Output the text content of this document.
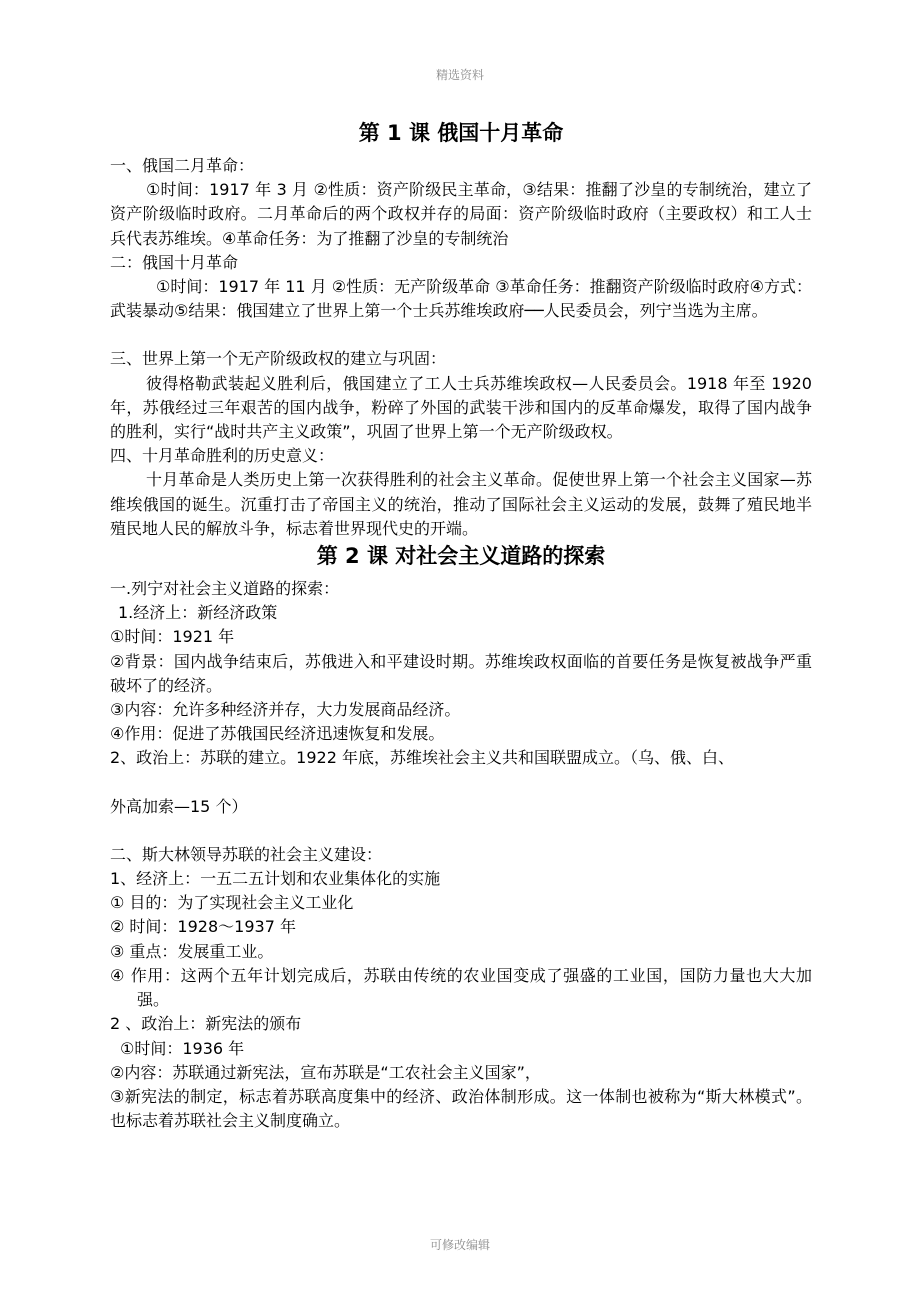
精选资料
第 1 课 俄国十月革命

一、俄国二月革命：

①时间：1917 年 3 月 ②性质：资产阶级民主革命，③结果：推翻了沙皇的专制统治，建立了资产阶级临时政府。二月革命后的两个政权并存的局面：资产阶级临时政府（主要政权）和工人士兵代表苏维埃。④革命任务：为了推翻了沙皇的专制统治

二：俄国十月革命

①时间：1917 年 11 月 ②性质：无产阶级革命 ③革命任务：推翻资产阶级临时政府④方式：武装暴动⑤结果：俄国建立了世界上第一个士兵苏维埃政府──人民委员会，列宁当选为主席。

三、世界上第一个无产阶级政权的建立与巩固：

彼得格勒武装起义胜利后，俄国建立了工人士兵苏维埃政权—人民委员会。1918 年至 1920 年，苏俄经过三年艰苦的国内战争，粉碎了外国的武装干涉和国内的反革命爆发，取得了国内战争的胜利，实行“战时共产主义政策”，巩固了世界上第一个无产阶级政权。

四、十月革命胜利的历史意义：

十月革命是人类历史上第一次获得胜利的社会主义革命。促使世界上第一个社会主义国家—苏维埃俄国的诞生。沉重打击了帝国主义的统治，推动了国际社会主义运动的发展，鼓舞了殖民地半殖民地人民的解放斗争，标志着世界现代史的开端。

第 2 课 对社会主义道路的探索

一.列宁对社会主义道路的探索：

1.经济上：新经济政策

①时间：1921 年

②背景：国内战争结束后，苏俄进入和平建设时期。苏维埃政权面临的首要任务是恢复被战争严重破坏了的经济。

③内容：允许多种经济并存，大力发展商品经济。

④作用：促进了苏俄国民经济迅速恢复和发展。

2、政治上：苏联的建立。1922 年底，苏维埃社会主义共和国联盟成立。（乌、俄、白、

外高加索—15 个）

二、斯大林领导苏联的社会主义建设：

1、经济上：一五二五计划和农业集体化的实施

① 目的：为了实现社会主义工业化

② 时间：1928～1937 年

③ 重点：发展重工业。

④ 作用：这两个五年计划完成后，苏联由传统的农业国变成了强盛的工业国，国防力量也大大加强。

2 、政治上：新宪法的颁布

①时间：1936 年

②内容：苏联通过新宪法，宣布苏联是“工农社会主义国家”，

③新宪法的制定，标志着苏联高度集中的经济、政治体制形成。这一体制也被称为“斯大林模式”。 也标志着苏联社会主义制度确立。

可修改编辑
